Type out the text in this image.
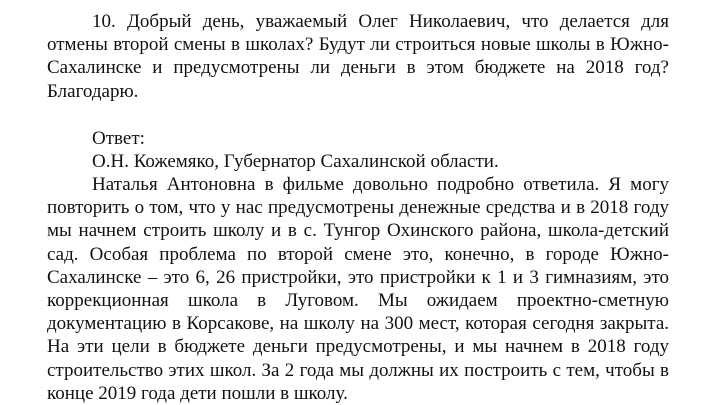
10. Добрый день, уважаемый Олег Николаевич, что делается для
отмены второй смены в школах? Будут ли строиться новые школы в Южно-
Сахалинске и предусмотрены ли деньги в этом бюджете на 2018 год?
Благодарю.
Ответ:
О.Н. Кожемяко, Губернатор Сахалинской области.
Наталья Антоновна в фильме довольно подробно ответила. Я могу
повторить о том, что у нас предусмотрены денежные средства и в 2018 году
мы начнем строить школу и в с. Тунгор Охинского района, школа-детский
сад. Особая проблема по второй смене это, конечно, в городе Южно-
Сахалинске – это 6, 26 пристройки, это пристройки к 1 и 3 гимназиям, это
коррекционная школа в Луговом. Мы ожидаем проектно-сметную
документацию в Корсакове, на школу на 300 мест, которая сегодня закрыта.
На эти цели в бюджете деньги предусмотрены, и мы начнем в 2018 году
строительство этих школ. За 2 года мы должны их построить с тем, чтобы в
конце 2019 года дети пошли в школу.
